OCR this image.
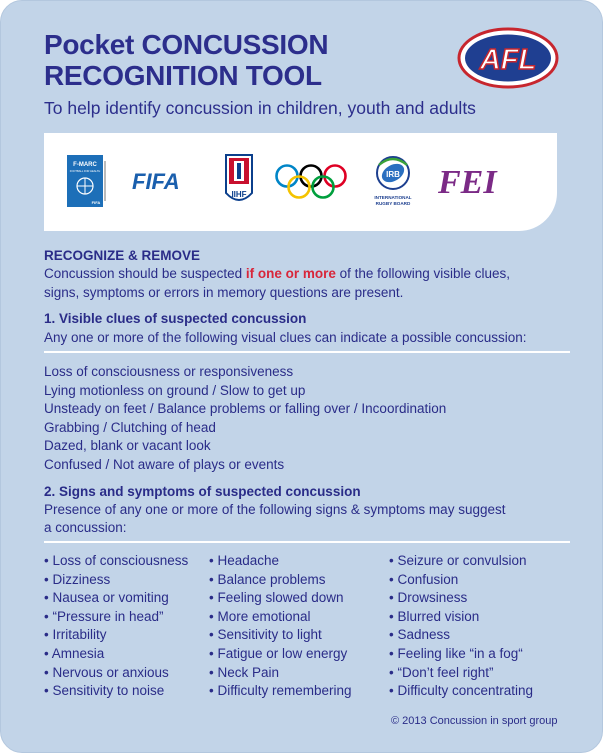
Pocket CONCUSSION
RECOGNITION TOOL	AFL
To help identify concussion in children, youth and adults
F-MARC
FOOTBALL FOR HEALTH
FIFA
FIFA
IIHF
IRB
INTERNATIONAL
RUGBY BOARD
FEI
RECOGNIZE & REMOVE
Concussion should be suspected if one or more of the following visible clues,
signs, symptoms or errors in memory questions are present.
1. Visible clues of suspected concussion
Any one or more of the following visual clues can indicate a possible concussion:
Loss of consciousness or responsiveness
Lying motionless on ground / Slow to get up
Unsteady on feet / Balance problems or falling over / Incoordination
Grabbing / Clutching of head
Dazed, blank or vacant look
Confused / Not aware of plays or events
2. Signs and symptoms of suspected concussion
Presence of any one or more of the following signs & symptoms may suggest
a concussion:
• Loss of consciousness
• Dizziness
• Nausea or vomiting
• “Pressure in head”
• Irritability
• Amnesia
• Nervous or anxious
• Sensitivity to noise
• Headache
• Balance problems
• Feeling slowed down
• More emotional
• Sensitivity to light
• Fatigue or low energy
• Neck Pain
• Difficulty remembering
• Seizure or convulsion
• Confusion
• Drowsiness
• Blurred vision
• Sadness
• Feeling like “in a fog“
• “Don’t feel right”
• Difficulty concentrating
© 2013 Concussion in sport group
